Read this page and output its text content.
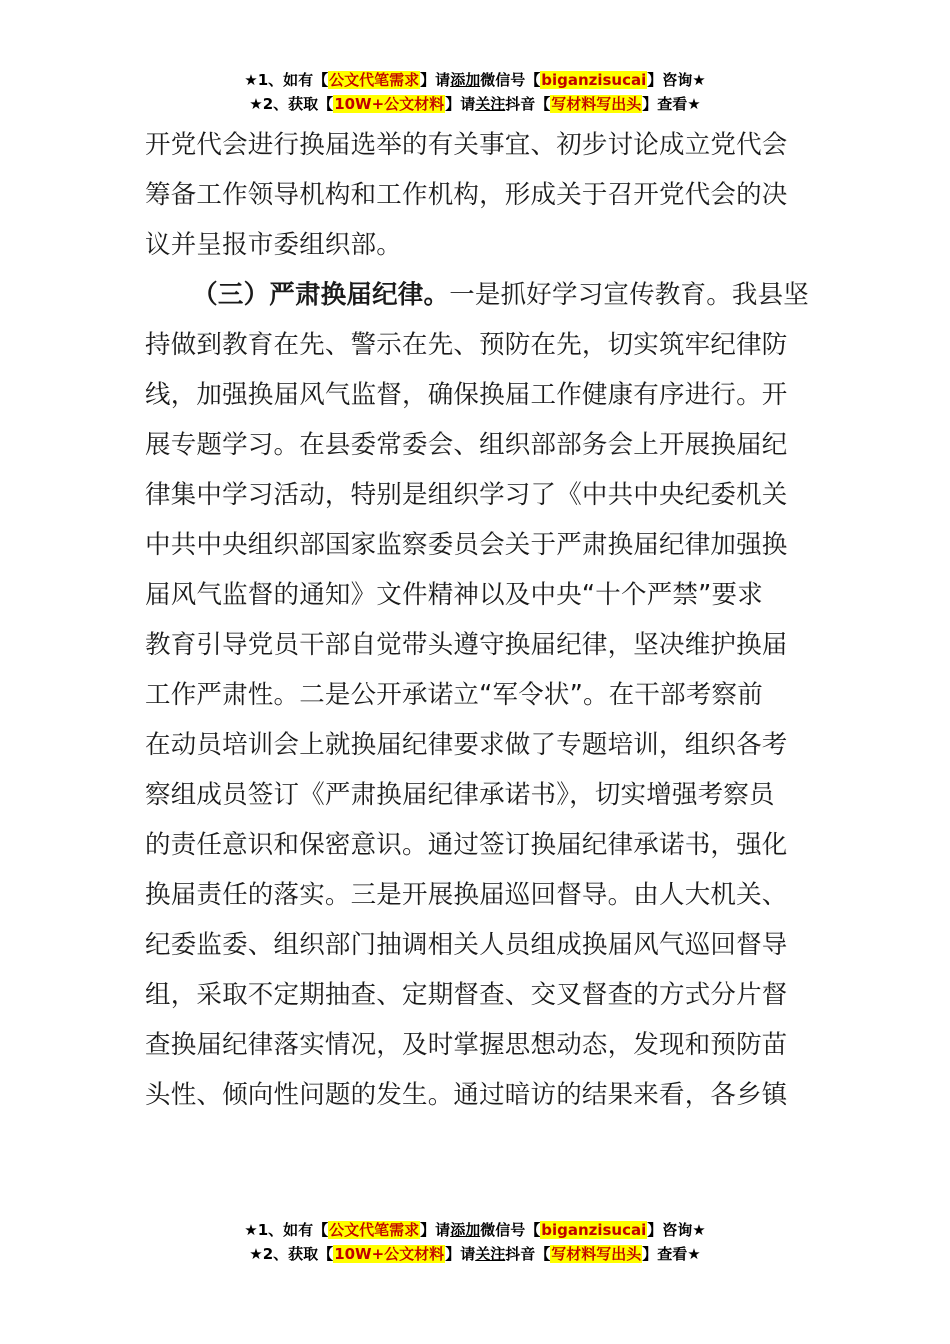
★1、如有【公文代笔需求】请添加微信号【biganzisucai】咨询★
★2、获取【10W+公文材料】请关注抖音【写材料写出头】查看★

开党代会进行换届选举的有关事宜、初步讨论成立党代会
筹备工作领导机构和工作机构，形成关于召开党代会的决
议并呈报市委组织部。

（三）严肃换届纪律。一是抓好学习宣传教育。我县坚
持做到教育在先、警示在先、预防在先，切实筑牢纪律防
线，加强换届风气监督，确保换届工作健康有序进行。开
展专题学习。在县委常委会、组织部部务会上开展换届纪
律集中学习活动，特别是组织学习了《中共中央纪委机关
中共中央组织部国家监察委员会关于严肃换届纪律加强换
届风气监督的通知》文件精神以及中央“十个严禁”要求
教育引导党员干部自觉带头遵守换届纪律，坚决维护换届
工作严肃性。二是公开承诺立“军令状”。在干部考察前
在动员培训会上就换届纪律要求做了专题培训，组织各考
察组成员签订《严肃换届纪律承诺书》，切实增强考察员
的责任意识和保密意识。通过签订换届纪律承诺书，强化
换届责任的落实。三是开展换届巡回督导。由人大机关、
纪委监委、组织部门抽调相关人员组成换届风气巡回督导
组，采取不定期抽查、定期督查、交叉督查的方式分片督
查换届纪律落实情况，及时掌握思想动态，发现和预防苗
头性、倾向性问题的发生。通过暗访的结果来看，各乡镇

★1、如有【公文代笔需求】请添加微信号【biganzisucai】咨询★
★2、获取【10W+公文材料】请关注抖音【写材料写出头】查看★
